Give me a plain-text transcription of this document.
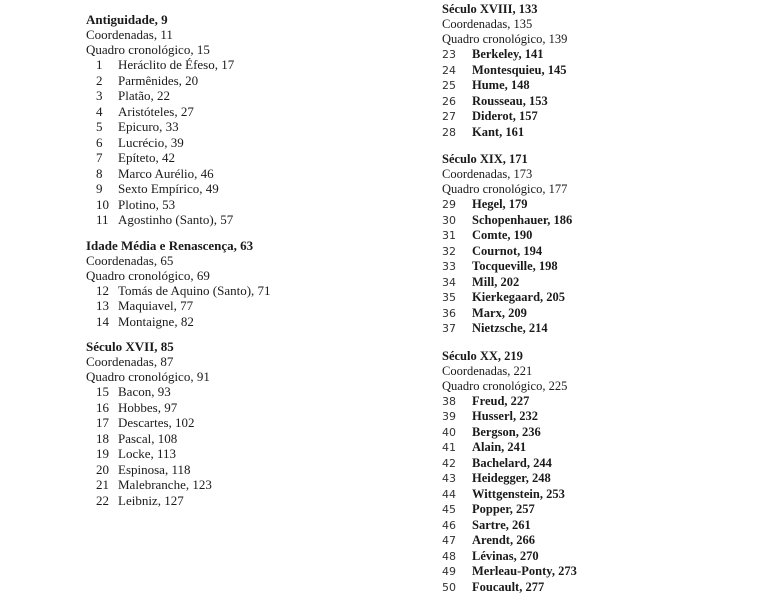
Antiguidade, 9
Coordenadas, 11
Quadro cronológico, 15
1	Heráclito de Éfeso, 17
2	Parmênides, 20
3	Platão, 22
4	Aristóteles, 27
5	Epicuro, 33
6	Lucrécio, 39
7	Epíteto, 42
8	Marco Aurélio, 46
9	Sexto Empírico, 49
10 Plotino, 53
11 Agostinho (Santo), 57
Idade Média e Renascença, 63
Coordenadas, 65
Quadro cronológico, 69
12 Tomás de Aquino (Santo), 71
13 Maquiavel, 77
14 Montaigne, 82
Século XVII, 85
Coordenadas, 87
Quadro cronológico, 91
15 Bacon, 93
16 Hobbes, 97
17 Descartes, 102
18 Pascal, 108
19 Locke, 113
20 Espinosa, 118
21 Malebranche, 123
22 Leibniz, 127
Século XVIII, 133
Coordenadas, 135
Quadro cronológico, 139
23	Berkeley, 141
24	Montesquieu, 145
25	Hume, 148
26	Rousseau, 153
27	Diderot, 157
28	Kant, 161
Século XIX, 171
Coordenadas, 173
Quadro cronológico, 177
29	Hegel, 179
30	Schopenhauer, 186
31	Comte, 190
32	Cournot, 194
33	Tocqueville, 198
34	Mill, 202
35	Kierkegaard, 205
36	Marx, 209
37	Nietzsche, 214
Século XX, 219
Coordenadas, 221
Quadro cronológico, 225
38	Freud, 227
39	Husserl, 232
40	Bergson, 236
41	Alain, 241
42	Bachelard, 244
43	Heidegger, 248
44	Wittgenstein, 253
45	Popper, 257
46	Sartre, 261
47	Arendt, 266
48	Lévinas, 270
49	Merleau-Ponty, 273
50	Foucault, 277
